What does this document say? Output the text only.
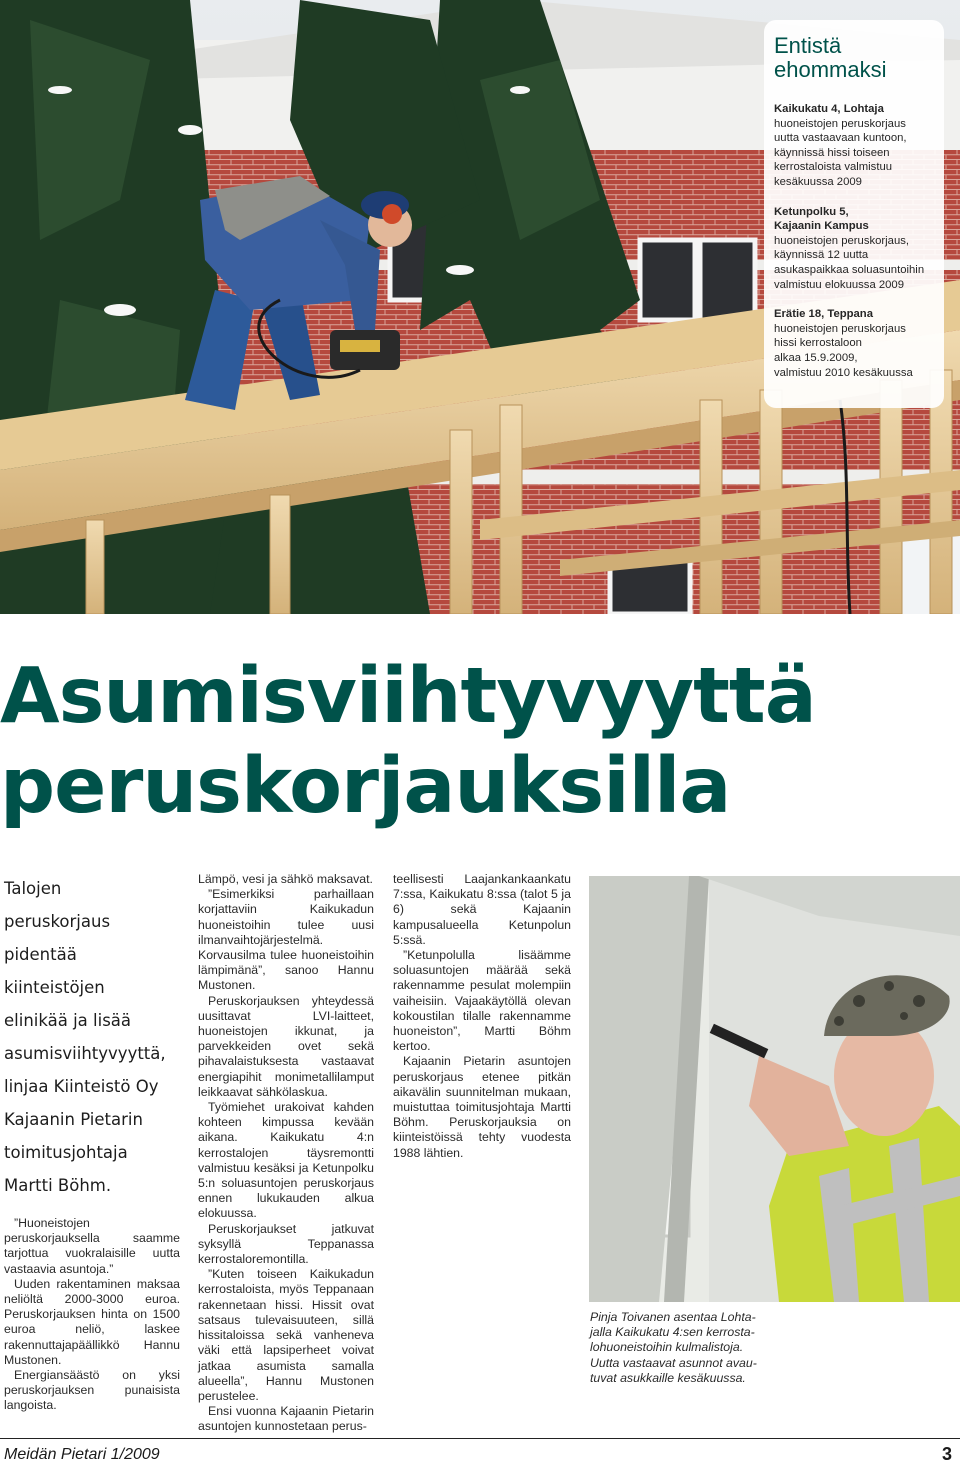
Entistä
ehommaksi
Kaikukatu 4, Lohtaja
huoneistojen peruskorjaus
uutta vastaavaan kuntoon,
käynnissä hissi toiseen
kerrostaloista valmistuu
kesäkuussa 2009
Ketunpolku 5,
Kajaanin Kampus
huoneistojen peruskorjaus,
käynnissä 12 uutta
asukaspaikkaa soluasuntoihin
valmistuu elokuussa 2009
Erätie 18, Teppana
huoneistojen peruskorjaus
hissi kerrostaloon
alkaa 15.9.2009,
valmistuu 2010 kesäkuussa
Asumisviihtyvyyttä
peruskorjauksilla
Talojen
peruskorjaus
pidentää
kiinteistöjen
elinikää ja lisää
asumisviihtyvyyttä,
linjaa Kiinteistö Oy
Kajaanin Pietarin
toimitusjohtaja
Martti Böhm.

”Huoneistojen peruskorjauksella saamme tarjottua vuokralaisille uutta vastaavia asuntoja.”

Uuden rakentaminen maksaa neliöltä 2000-3000 euroa. Peruskorjauksen hinta on 1500 euroa neliö, laskee rakennuttajapäällikkö Hannu Mustonen.

Energiansäästö on yksi peruskorjauksen punaisista langoista.

Lämpö, vesi ja sähkö maksavat.

”Esimerkiksi parhaillaan korjattaviin Kaikukadun huoneistoihin tulee uusi ilmanvaihtojärjestelmä. Korvausilma tulee huoneistoihin lämpimänä”, sanoo Hannu Mustonen.

Peruskorjauksen yhteydessä uusittavat LVI-laitteet, huoneistojen ikkunat, ja parvekkeiden ovet sekä pihavalaistuksesta vastaavat energiapihit monimetallilamput leikkaavat sähkölaskua.

Työmiehet urakoivat kahden kohteen kimpussa kevään aikana. Kaikukatu 4:n kerrostalojen täysremontti valmistuu kesäksi ja Ketunpolku 5:n soluasuntojen peruskorjaus ennen lukukauden alkua elokuussa.

Peruskorjaukset jatkuvat syksyllä Teppanassa kerrostaloremontilla.

”Kuten toiseen Kaikukadun kerrostaloista, myös Teppanaan rakennetaan hissi. Hissit ovat satsaus tulevaisuuteen, sillä hissitaloissa sekä vanheneva väki että lapsiperheet voivat jatkaa asumista samalla alueella”, Hannu Mustonen perustelee.

Ensi vuonna Kajaanin Pietarin asuntojen kunnostetaan perus-

teellisesti Laajankankaankatu 7:ssa, Kaikukatu 8:ssa (talot 5 ja 6) sekä Kajaanin kampusalueella Ketunpolun 5:ssä.

”Ketunpolulla lisäämme soluasuntojen määrää sekä rakennamme pesulat molempiin vaiheisiin. Vajaakäytöllä olevan kokoustilan tilalle rakennamme huoneiston”, Martti Böhm kertoo.

Kajaanin Pietarin asuntojen peruskorjaus etenee pitkän aikavälin suunnitelman mukaan, muistuttaa toimitusjohtaja Martti Böhm. Peruskorjauksia on kiinteistöissä tehty vuodesta 1988 lähtien.

Pinja Toivanen asentaa Lohta-
jalla Kaikukatu 4:sen kerrosta-
lohuoneistoihin kulmalistoja.
Uutta vastaavat asunnot avau-
tuvat asukkaille kesäkuussa.
Meidän Pietari 1/2009	3
